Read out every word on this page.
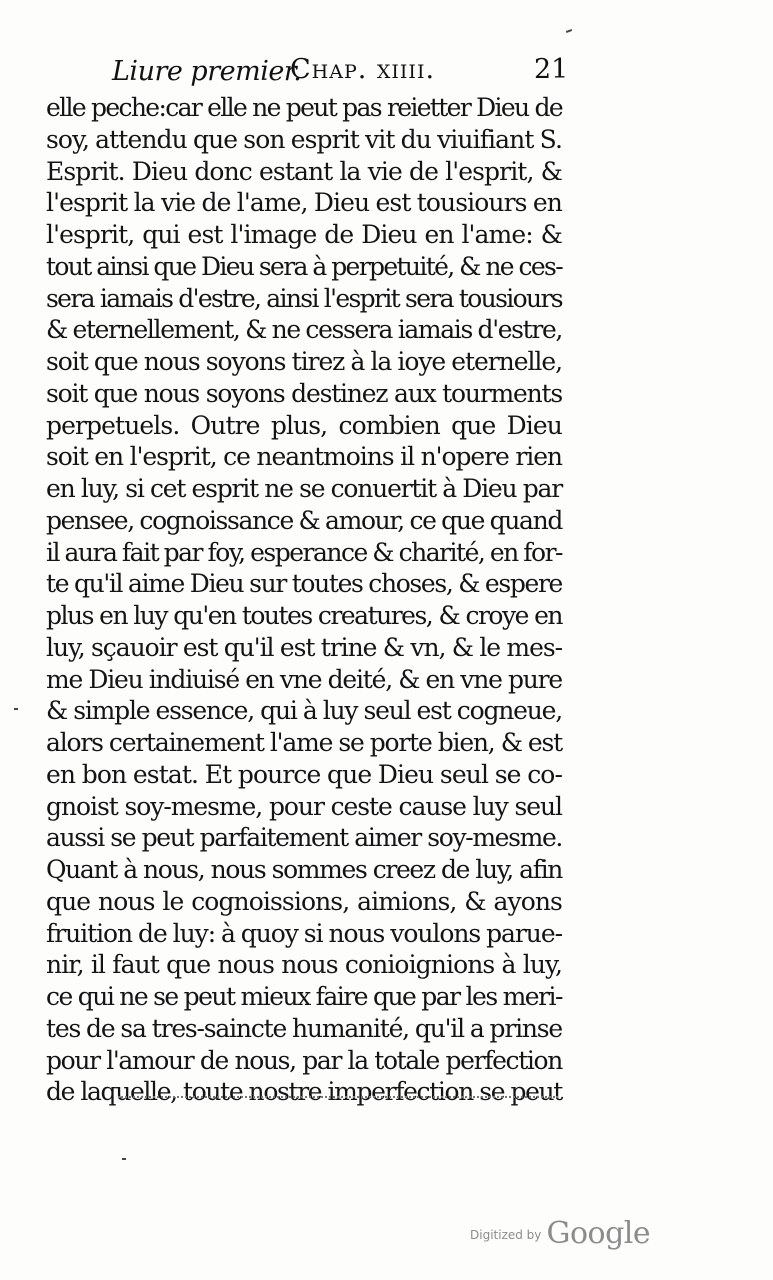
Liure premier.
Chap. xiiii.	21
elle peche:car elle ne peut pas reietter Dieu de
soy, attendu que son esprit vit du viuifiant S.
Esprit. Dieu donc estant la vie de l'esprit, &
l'esprit la vie de l'ame, Dieu est tousiours en
l'esprit, qui est l'image de Dieu en l'ame: &
tout ainsi que Dieu sera à perpetuité, & ne ces-
sera iamais d'estre, ainsi l'esprit sera tousiours
& eternellement, & ne cessera iamais d'estre,
soit que nous soyons tirez à la ioye eternelle,
soit que nous soyons destinez aux tourments
perpetuels. Outre plus, combien que Dieu
soit en l'esprit, ce neantmoins il n'opere rien
en luy, si cet esprit ne se conuertit à Dieu par
pensee, cognoissance & amour, ce que quand
il aura fait par foy, esperance & charité, en for-
te qu'il aime Dieu sur toutes choses, & espere
plus en luy qu'en toutes creatures, & croye en
luy, sçauoir est qu'il est trine & vn, & le mes-
me Dieu indiuisé en vne deité, & en vne pure
& simple essence, qui à luy seul est cogneue,
alors certainement l'ame se porte bien, & est
en bon estat. Et pource que Dieu seul se co-
gnoist soy-mesme, pour ceste cause luy seul
aussi se peut parfaitement aimer soy-mesme.
Quant à nous, nous sommes creez de luy, afin
que nous le cognoissions, aimions, & ayons
fruition de luy: à quoy si nous voulons parue-
nir, il faut que nous nous conioignions à luy,
ce qui ne se peut mieux faire que par les meri-
tes de sa tres-saincte humanité, qu'il a prinse
pour l'amour de nous, par la totale perfection
de laquelle, toute nostre imperfection se peut
$^{Digitized by}$ Google
